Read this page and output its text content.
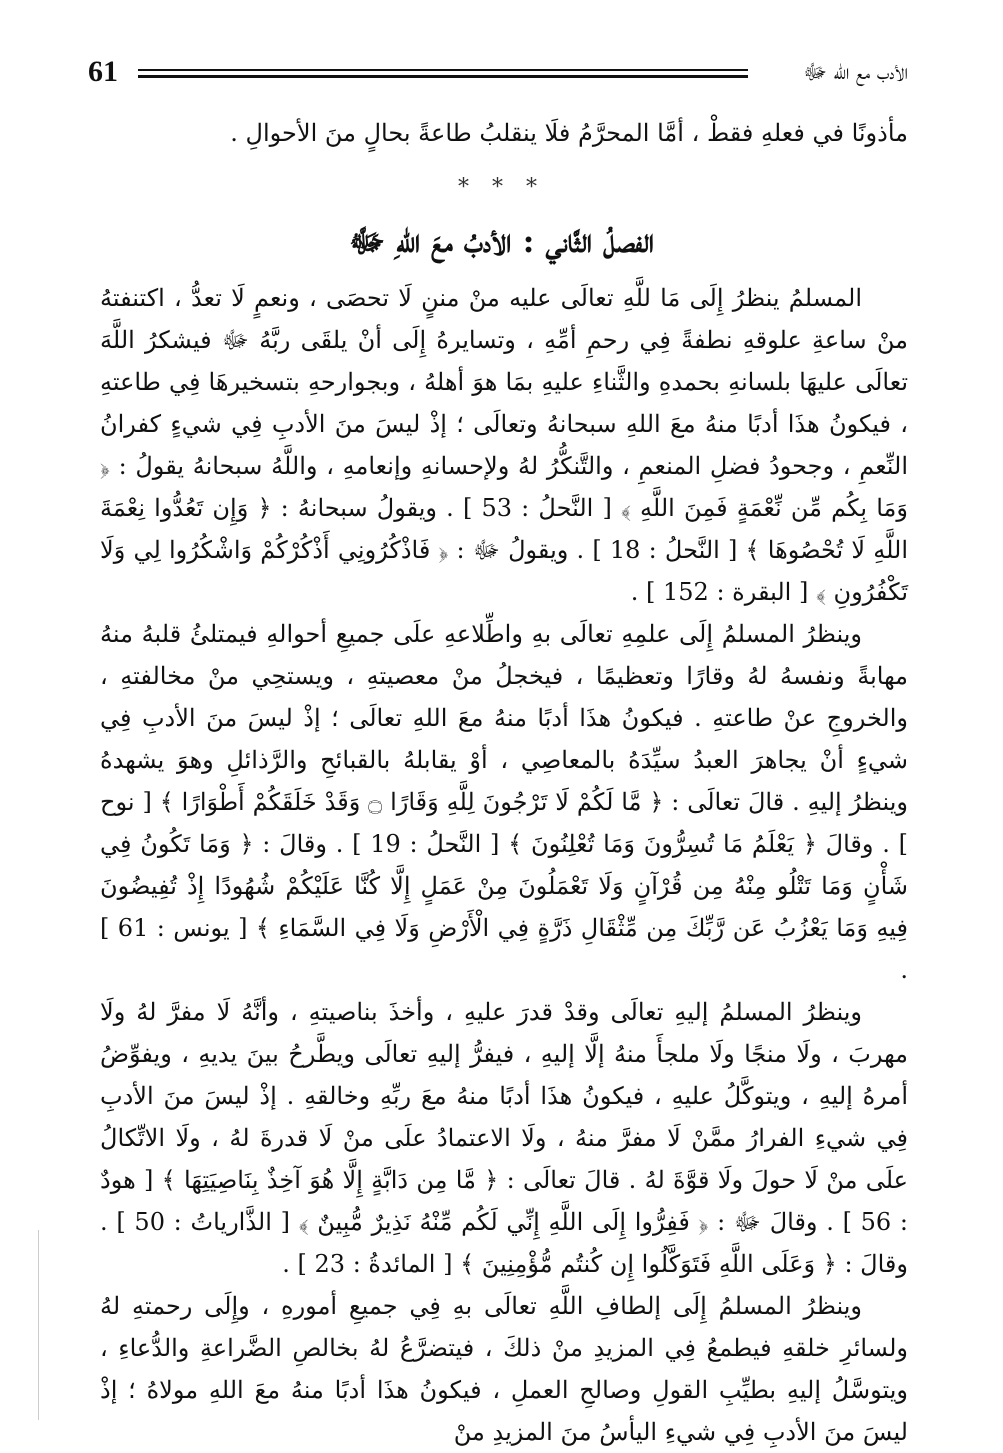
61	الأدب مع الله ﷻ

مأذونًا في فعلهِ فقطْ ، أمَّا المحرَّمُ فلَا ينقلبُ طاعةً بحالٍ منَ الأحوالِ .

* * *
الفصلُ الثَّاني : الأدبُ معَ اللهِ ﷻ

المسلمُ ينظرُ إِلَى مَا للَّهِ تعالَى عليه منْ مننٍ لَا تحصَى ، ونعمٍ لَا تعدُّ ، اكتنفتهُ منْ ساعةِ علوقهِ نطفةً فِي رحمِ أمِّهِ ، وتسايرهُ إِلَى أنْ يلقَى ربَّهُ ﷻ فيشكرُ اللَّهَ تعالَى عليهَا بلسانهِ بحمدهِ والثَّناءِ عليهِ بمَا هوَ أهلهُ ، وبجوارحهِ بتسخيرهَا فِي طاعتهِ ، فيكونُ هذَا أدبًا منهُ معَ اللهِ سبحانهُ وتعالَى ؛ إذْ ليسَ منَ الأدبِ فِي شيءٍ كفرانُ النِّعمِ ، وجحودُ فضلِ المنعمِ ، والتَّنكُّرُ لهُ ولإحسانهِ وإنعامهِ ، واللَّهُ سبحانهُ يقولُ : ﴿ وَمَا بِكُم مِّن نِّعْمَةٍ فَمِنَ اللَّهِ ﴾ [ النَّحلُ : 53 ] . ويقولُ سبحانهُ : ﴿ وَإِن تَعُدُّوا نِعْمَةَ اللَّهِ لَا تُحْصُوهَا ﴾ [ النَّحلُ : 18 ] . ويقولُ ﷻ : ﴿ فَاذْكُرُونِي أَذْكُرْكُمْ وَاشْكُرُوا لِي وَلَا تَكْفُرُونِ ﴾ [ البقرة : 152 ] .

وينظرُ المسلمُ إِلَى علمِهِ تعالَى بهِ واطِّلاعهِ علَى جميعِ أحوالهِ فيمتلئُ قلبهُ منهُ مهابةً ونفسهُ لهُ وقارًا وتعظيمًا ، فيخجلُ منْ معصيتهِ ، ويستحِي منْ مخالفتهِ ، والخروجِ عنْ طاعتهِ . فيكونُ هذَا أدبًا منهُ معَ اللهِ تعالَى ؛ إذْ ليسَ منَ الأدبِ فِي شيءٍ أنْ يجاهرَ العبدُ سيِّدَهُ بالمعاصِي ، أوْ يقابلهُ بالقبائحِ والرَّذائلِ وهوَ يشهدهُ وينظرُ إليهِ . قالَ تعالَى : ﴿ مَّا لَكُمْ لَا تَرْجُونَ لِلَّهِ وَقَارًا ۝ وَقَدْ خَلَقَكُمْ أَطْوَارًا ﴾ [ نوح ] . وقالَ ﴿ يَعْلَمُ مَا تُسِرُّونَ وَمَا تُعْلِنُونَ ﴾ [ النَّحلُ : 19 ] . وقالَ : ﴿ وَمَا تَكُونُ فِي شَأْنٍ وَمَا تَتْلُو مِنْهُ مِن قُرْآنٍ وَلَا تَعْمَلُونَ مِنْ عَمَلٍ إِلَّا كُنَّا عَلَيْكُمْ شُهُودًا إِذْ تُفِيضُونَ فِيهِ وَمَا يَعْزُبُ عَن رَّبِّكَ مِن مِّثْقَالِ ذَرَّةٍ فِي الْأَرْضِ وَلَا فِي السَّمَاءِ ﴾ [ يونس : 61 ] .

وينظرُ المسلمُ إليهِ تعالَى وقدْ قدرَ عليهِ ، وأخذَ بناصيتهِ ، وأنَّهُ لَا مفرَّ لهُ ولَا مهربَ ، ولَا منجًا ولَا ملجأَ منهُ إلَّا إليهِ ، فيفرُّ إليهِ تعالَى ويطَّرحُ بينَ يديهِ ، ويفوِّضُ أمرهُ إليهِ ، ويتوكَّلُ عليهِ ، فيكونُ هذَا أدبًا منهُ معَ ربِّهِ وخالقهِ . إذْ ليسَ منَ الأدبِ فِي شيءِ الفرارُ ممَّنْ لَا مفرَّ منهُ ، ولَا الاعتمادُ علَى منْ لَا قدرةَ لهُ ، ولَا الاتِّكالُ علَى منْ لَا حولَ ولَا قوَّةَ لهُ . قالَ تعالَى : ﴿ مَّا مِن دَابَّةٍ إِلَّا هُوَ آخِذٌ بِنَاصِيَتِهَا ﴾ [ هودٌ : 56 ] . وقالَ ﷻ : ﴿ فَفِرُّوا إِلَى اللَّهِ إِنِّي لَكُم مِّنْهُ نَذِيرٌ مُّبِينٌ ﴾ [ الذَّارياتُ : 50 ] . وقالَ : ﴿ وَعَلَى اللَّهِ فَتَوَكَّلُوا إِن كُنتُم مُّؤْمِنِينَ ﴾ [ المائدةُ : 23 ] .

وينظرُ المسلمُ إِلَى إلطافِ اللَّهِ تعالَى بهِ فِي جميعِ أمورهِ ، وإِلَى رحمتهِ لهُ ولسائرِ خلقهِ فيطمعُ فِي المزيدِ منْ ذلكَ ، فيتضرَّعُ لهُ بخالصِ الضَّراعةِ والدُّعاءِ ، ويتوسَّلُ إليهِ بطيِّبِ القولِ وصالحِ العملِ ، فيكونُ هذَا أدبًا منهُ معَ اللهِ مولاهُ ؛ إذْ ليسَ منَ الأدبِ فِي شيءِ اليأسُ منَ المزيدِ منْ
